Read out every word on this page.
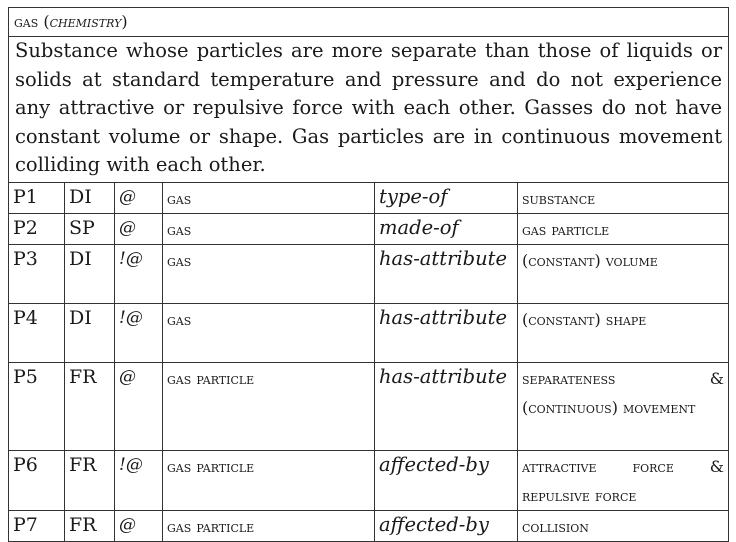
gas (chemistry)					
Substance whose particles are more separate than those of liquids or solids at standard temperature and pressure and do not experience any attractive or repulsive force with each other. Gasses do not have constant volume or shape. Gas particles are in continuous movement colliding with each other.					
P1	DI	@	gas	type-of	substance
P2	SP	@	gas	made-of	gas particle
P3	DI	!@	gas	has-attribute	(constant) volume
P4	DI	!@	gas	has-attribute	(constant) shape
P5	FR	@	gas particle	has-attribute	separateness & (continuous) movement
P6	FR	!@	gas particle	affected-by	attractive force & repulsive force
P7	FR	@	gas particle	affected-by	collision
